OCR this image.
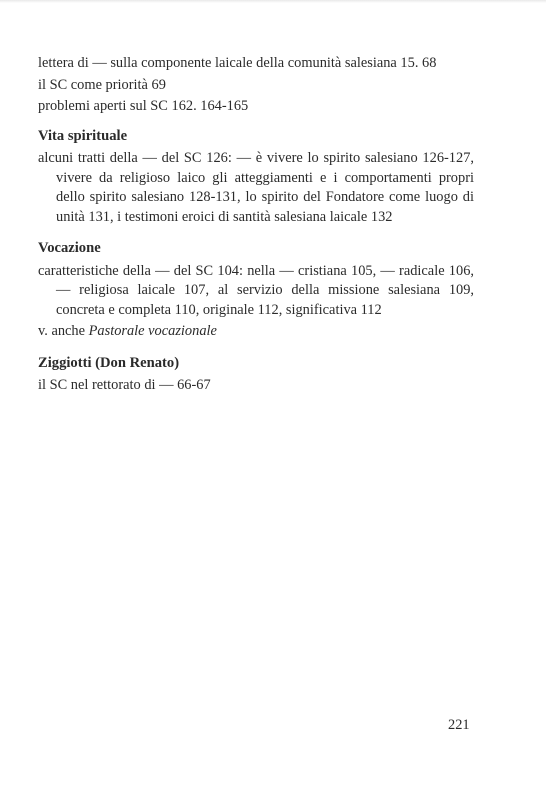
lettera di — sulla componente laicale della comunità salesiana 15. 68

il SC come priorità 69

problemi aperti sul SC 162. 164-165

Vita spirituale

alcuni tratti della — del SC 126: — è vivere lo spirito salesiano 126-127, vivere da religioso laico gli atteggiamenti e i comportamenti propri dello spirito salesiano 128-131, lo spirito del Fondatore come luogo di unità 131, i testimoni eroici di santità salesiana laicale 132

Vocazione

caratteristiche della — del SC 104: nella — cristiana 105, — radicale 106, — religiosa laicale 107, al servizio della missione salesiana 109, concreta e completa 110, originale 112, significativa 112

v. anche Pastorale vocazionale

Ziggiotti (Don Renato)

il SC nel rettorato di — 66-67

221
